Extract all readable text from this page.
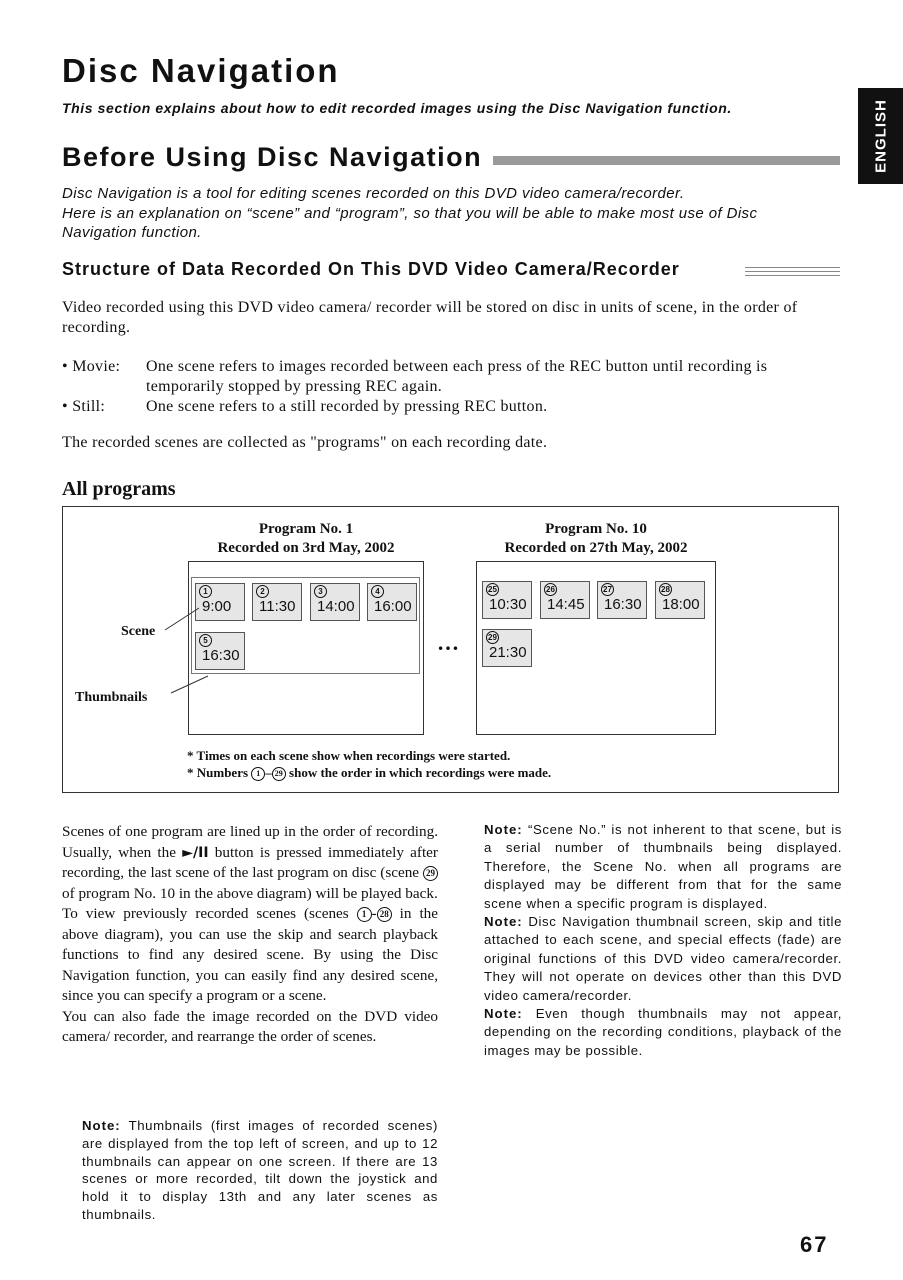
Disc Navigation
This section explains about how to edit recorded images using the Disc Navigation function.	ENGLISH
Before Using Disc Navigation
Disc Navigation is a tool for editing scenes recorded on this DVD video camera/recorder.
Here is an explanation on “scene” and “program”, so that you will be able to make most use of Disc
Navigation function.
Structure of Data Recorded On This DVD Video Camera/Recorder
Video recorded using this DVD video camera/ recorder will be stored on disc in units of scene, in the order of recording.
• Movie:	One scene refers to images recorded between each press of the REC button until recording is temporarily stopped by pressing REC again.
• Still:	One scene refers to a still recorded by pressing REC button.
The recorded scenes are collected as "programs" on each recording date.
All programs
Program No. 1
Recorded on 3rd May, 2002
Program No. 10
Recorded on 27th May, 2002
1
9:00
2
11:30
3
14:00
4
16:00
5
16:30
25
10:30
26
14:45
27
16:30
28
18:00
29
21:30
…
Scene
Thumbnails
* Times on each scene show when recordings were started.
* Numbers 1 – 29 show the order in which recordings were made.

Scenes of one program are lined up in the order of recording. Usually, when the ►/II button is pressed immediately after recording, the last scene of the last program on disc (scene 29 of program No. 10 in the above diagram) will be played back.

To view previously recorded scenes (scenes 1 - 28 in the above diagram), you can use the skip and search playback functions to find any desired scene. By using the Disc Navigation function, you can easily find any desired scene, since you can specify a program or a scene.

You can also fade the image recorded on the DVD video camera/ recorder, and rearrange the order of scenes.

Note: Thumbnails (first images of recorded scenes) are displayed from the top left of screen, and up to 12 thumbnails can appear on one screen. If there are 13 scenes or more recorded, tilt down the joystick and hold it to display 13th and any later scenes as thumbnails.
Note: “Scene No.” is not inherent to that scene, but is a serial number of thumbnails being displayed. Therefore, the Scene No. when all programs are displayed may be different from that for the same scene when a specific program is displayed.
Note: Disc Navigation thumbnail screen, skip and title attached to each scene, and special effects (fade) are original functions of this DVD video camera/recorder. They will not operate on devices other than this DVD video camera/recorder.
Note: Even though thumbnails may not appear, depending on the recording conditions, playback of the images may be possible.
67
